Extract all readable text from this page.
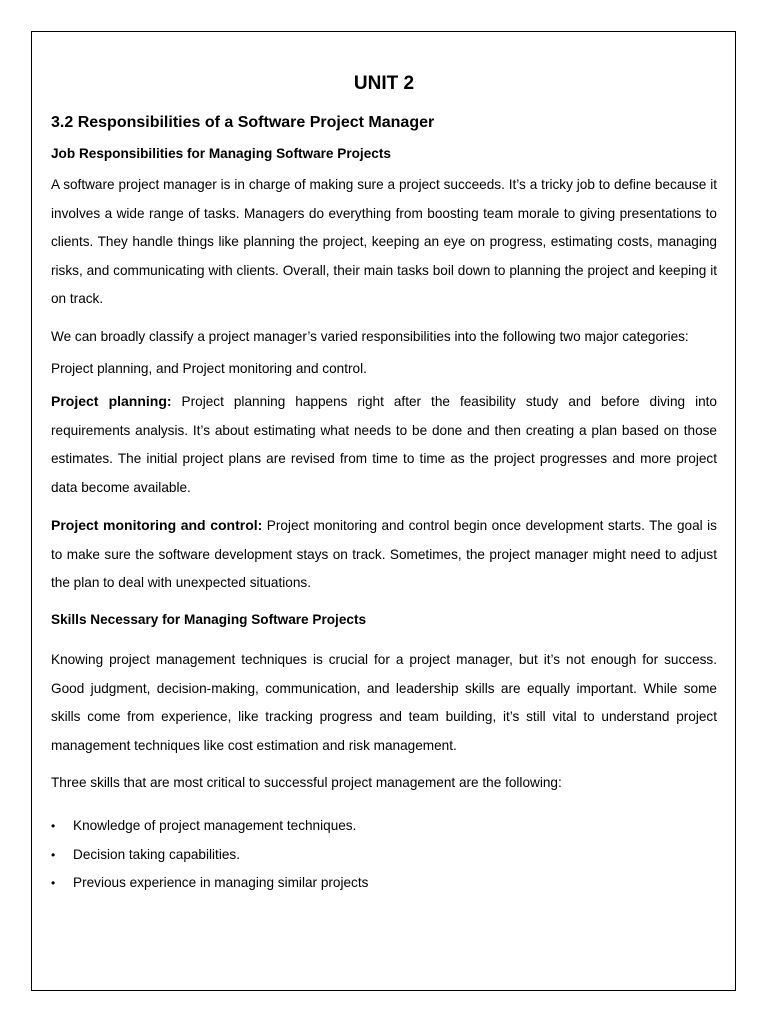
UNIT 2
3.2 Responsibilities of a Software Project Manager
Job Responsibilities for Managing Software Projects

A software project manager is in charge of making sure a project succeeds. It’s a tricky job to define because it involves a wide range of tasks. Managers do everything from boosting team morale to giving presentations to clients. They handle things like planning the project, keeping an eye on progress, estimating costs, managing risks, and communicating with clients. Overall, their main tasks boil down to planning the project and keeping it on track.

We can broadly classify a project manager’s varied responsibilities into the following two major categories:

Project planning, and Project monitoring and control.

Project planning: Project planning happens right after the feasibility study and before diving into requirements analysis. It’s about estimating what needs to be done and then creating a plan based on those estimates. The initial project plans are revised from time to time as the project progresses and more project data become available.

Project monitoring and control: Project monitoring and control begin once development starts. The goal is to make sure the software development stays on track. Sometimes, the project manager might need to adjust the plan to deal with unexpected situations.

Skills Necessary for Managing Software Projects

Knowing project management techniques is crucial for a project manager, but it’s not enough for success. Good judgment, decision-making, communication, and leadership skills are equally important. While some skills come from experience, like tracking progress and team building, it’s still vital to understand project management techniques like cost estimation and risk management.

Three skills that are most critical to successful project management are the following:

• Knowledge of project management techniques.
• Decision taking capabilities.
• Previous experience in managing similar projects
